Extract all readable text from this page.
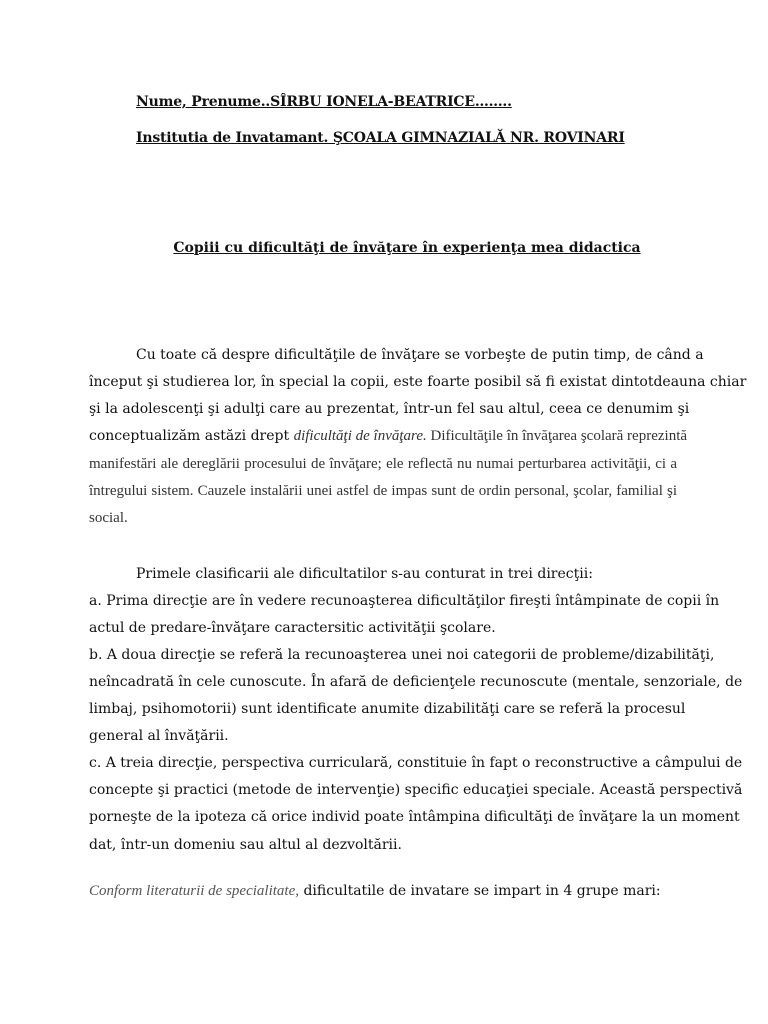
Nume, Prenume..SÎRBU IONELA-BEATRICE……..
Institutia de Invatamant. ŞCOALA GIMNAZIALĂ NR. ROVINARI
Copiii cu dificultăţi de învăţare în experienţa mea didactica
Cu toate că despre dificultăţile de învăţare se vorbeşte de putin timp, de când a
început şi studierea lor, în special la copii, este foarte posibil să fi existat dintotdeauna chiar
şi la adolescenţi şi adulţi care au prezentat, într-un fel sau altul, ceea ce denumim şi
conceptualizăm astăzi drept dificultăţi de învăţare. Dificultăţile în învăţarea şcolară reprezintă
manifestări ale dereglării procesului de învăţare; ele reflectă nu numai perturbarea activităţii, ci a
întregului sistem. Cauzele instalării unei astfel de impas sunt de ordin personal, şcolar, familial şi
social.
Primele clasificarii ale dificultatilor s-au conturat in trei direcţii:
a. Prima direcţie are în vedere recunoaşterea dificultăţilor fireşti întâmpinate de copii în
actul de predare-învăţare caractersitic activităţii şcolare.
b. A doua direcţie se referă la recunoaşterea unei noi categorii de probleme/dizabilităţi,
neîncadrată în cele cunoscute. În afară de deficienţele recunoscute (mentale, senzoriale, de
limbaj, psihomotorii) sunt identificate anumite dizabilităţi care se referă la procesul
general al învăţării.
c. A treia direcţie, perspectiva curriculară, constituie în fapt o reconstructive a câmpului de
concepte şi practici (metode de intervenţie) specific educaţiei speciale. Această perspectivă
porneşte de la ipoteza că orice individ poate întâmpina dificultăţi de învăţare la un moment
dat, într-un domeniu sau altul al dezvoltării.
Conform literaturii de specialitate, dificultatile de invatare se impart in 4 grupe mari:
